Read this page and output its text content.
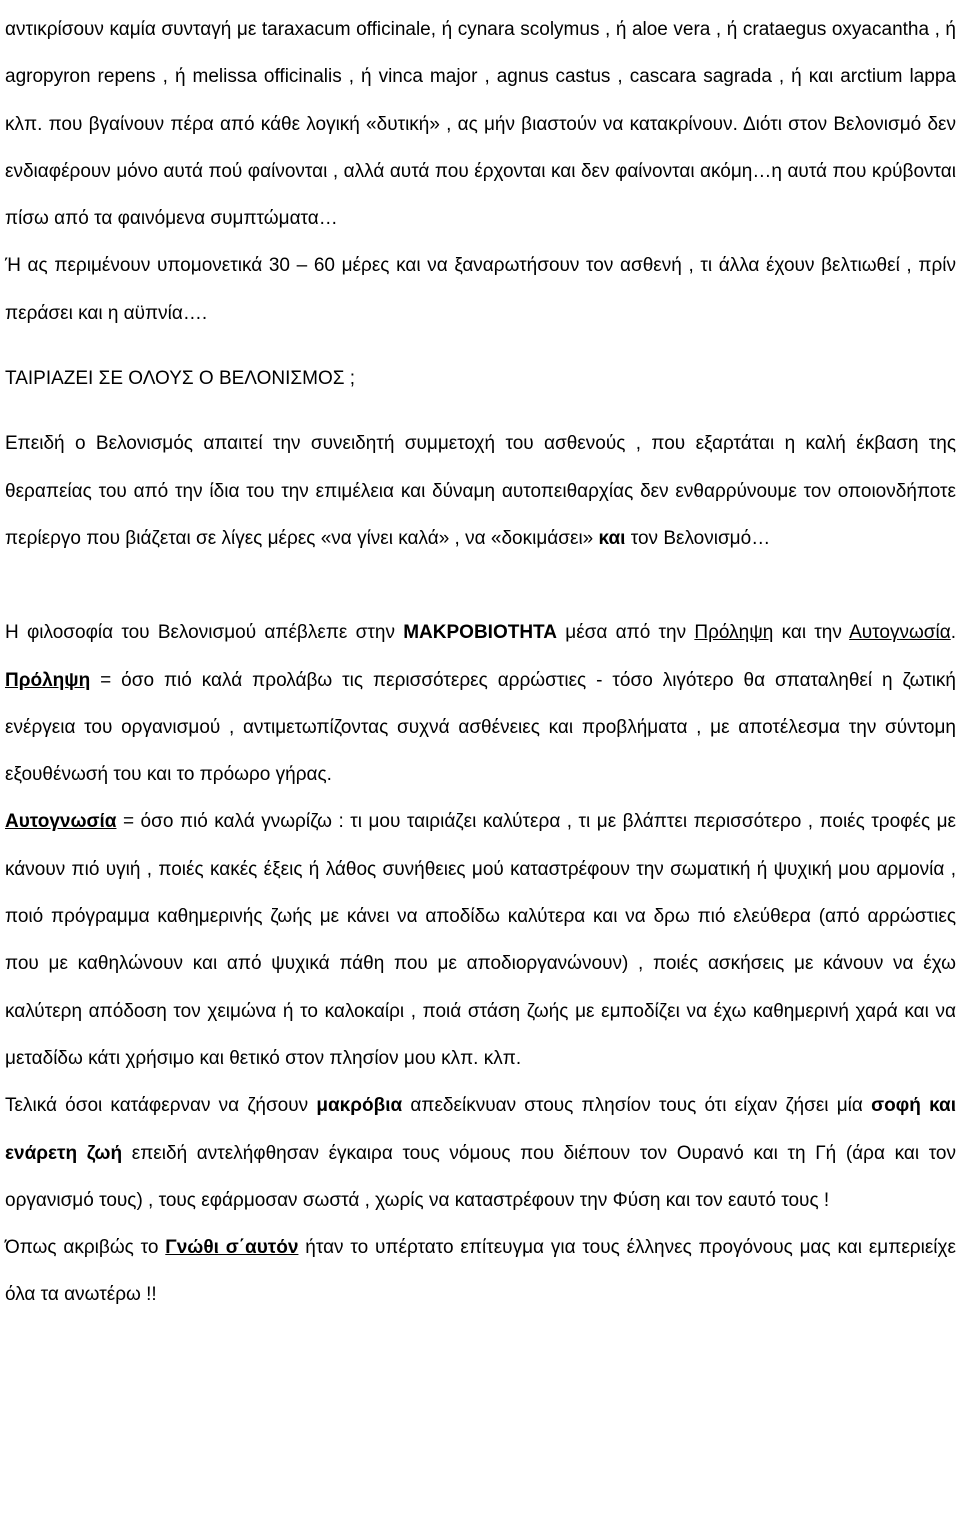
αντικρίσουν καμία συνταγή με taraxacum officinale, ή cynara scolymus , ή aloe vera , ή crataegus oxyacantha , ή agropyron repens , ή melissa officinalis , ή vinca major , agnus castus , cascara sagrada , ή και arctium lappa κλπ. που βγαίνουν πέρα από κάθε λογική «δυτική» , ας μήν βιαστούν να κατακρίνουν. Διότι στον Βελονισμό δεν ενδιαφέρουν μόνο αυτά πού φαίνονται , αλλά αυτά που έρχονται και δεν φαίνονται ακόμη…η αυτά που κρύβονται πίσω από τα φαινόμενα συμπτώματα…

Ή ας περιμένουν υπομονετικά 30 – 60 μέρες και να ξαναρωτήσουν τον ασθενή , τι άλλα έχουν βελτιωθεί , πρίν περάσει και η αϋπνία….

ΤΑΙΡΙΑΖΕΙ ΣΕ ΟΛΟΥΣ Ο ΒΕΛΟΝΙΣΜΟΣ ;

Επειδή ο Βελονισμός απαιτεί την συνειδητή συμμετοχή του ασθενούς , που εξαρτάται η καλή έκβαση της θεραπείας του από την ίδια του την επιμέλεια και δύναμη αυτοπειθαρχίας δεν ενθαρρύνουμε τον οποιονδήποτε περίεργο που βιάζεται σε λίγες μέρες «να γίνει καλά» , να «δοκιμάσει» και τον Βελονισμό…

Η φιλοσοφία του Βελονισμού απέβλεπε στην ΜΑΚΡΟΒΙΟΤΗΤΑ μέσα από την Πρόληψη και την Αυτογνωσία. Πρόληψη = όσο πιό καλά προλάβω τις περισσότερες αρρώστιες - τόσο λιγότερο θα σπαταληθεί η ζωτική ενέργεια του οργανισμού , αντιμετωπίζοντας συχνά ασθένειες και προβλήματα , με αποτέλεσμα την σύντομη εξουθένωσή του και το πρόωρο γήρας.

Αυτογνωσία = όσο πιό καλά γνωρίζω : τι μου ταιριάζει καλύτερα , τι με βλάπτει περισσότερο , ποιές τροφές με κάνουν πιό υγιή , ποιές κακές έξεις ή λάθος συνήθειες μού καταστρέφουν την σωματική ή ψυχική μου αρμονία , ποιό πρόγραμμα καθημερινής ζωής με κάνει να αποδίδω καλύτερα και να δρω πιό ελεύθερα (από αρρώστιες που με καθηλώνουν και από ψυχικά πάθη που με αποδιοργανώνουν) , ποιές ασκήσεις με κάνουν να έχω καλύτερη απόδοση τον χειμώνα ή το καλοκαίρι , ποιά στάση ζωής με εμποδίζει να έχω καθημερινή χαρά και να μεταδίδω κάτι χρήσιμο και θετικό στον πλησίον μου κλπ. κλπ.

Τελικά όσοι κατάφερναν να ζήσουν μακρόβια απεδείκνυαν στους πλησίον τους ότι είχαν ζήσει μία σοφή και ενάρετη ζωή επειδή αντελήφθησαν έγκαιρα τους νόμους που διέπουν τον Ουρανό και τη Γή (άρα και τον οργανισμό τους) , τους εφάρμοσαν σωστά , χωρίς να καταστρέφουν την Φύση και τον εαυτό τους !

Όπως ακριβώς το Γνώθι σ΄αυτόν ήταν το υπέρτατο επίτευγμα για τους έλληνες προγόνους μας και εμπεριείχε όλα τα ανωτέρω !!
